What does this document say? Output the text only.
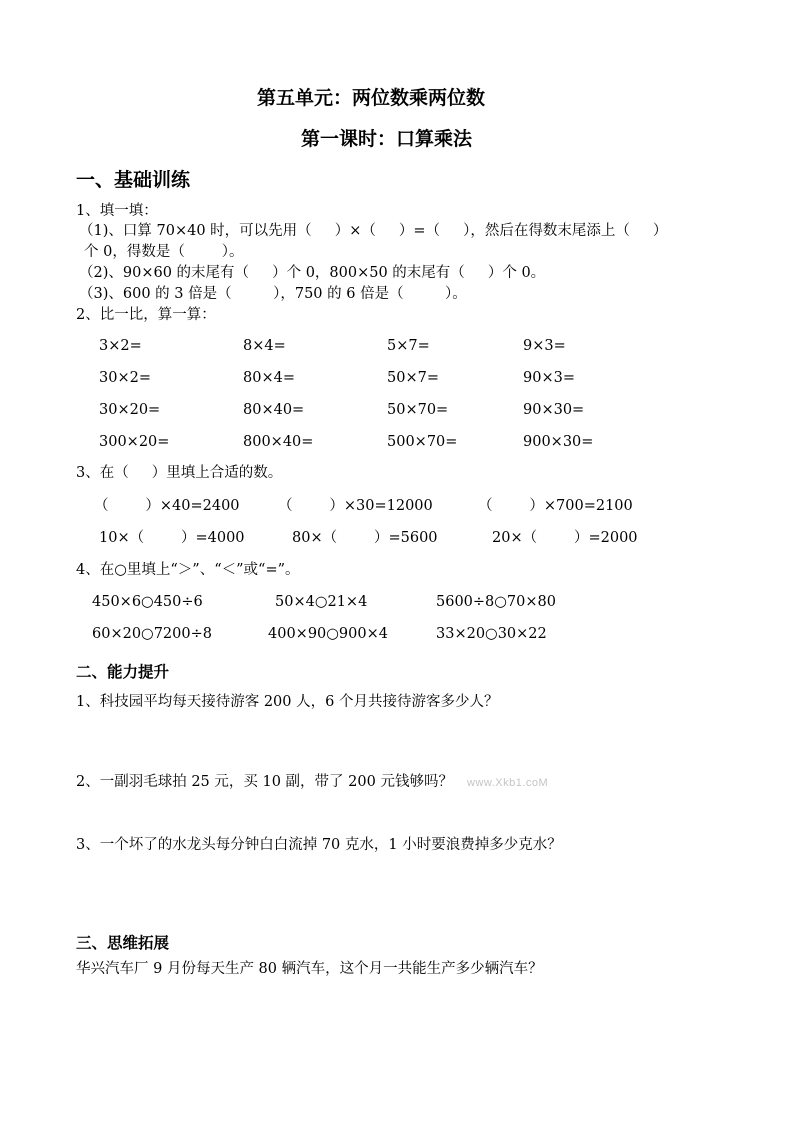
第五单元：两位数乘两位数
第一课时：口算乘法
一、基础训练
1、填一填：
（1)、口算 70×40 时，可以先用（     ）×（     ）=（     ），然后在得数末尾添上（     ）
个 0，得数是（        ）。
（2)、90×60 的末尾有（     ）个 0，800×50 的末尾有（     ）个 0。
（3)、600 的 3 倍是（         ），750 的 6 倍是（         ）。
2、比一比，算一算：
3×2=	8×4=	5×7=	9×3=
30×2=	80×4=	50×7=	90×3=
30×20=	80×40=	50×70=	90×30=
300×20=	800×40=	500×70=	900×30=
3、在（     ）里填上合适的数。
（        ）×40=2400	（        ）×30=12000	（        ）×700=2100
10×（        ）=4000	80×（        ）=5600	20×（        ）=2000
4、在○里填上“＞”、“＜”或“=”。
450×6○450÷6	50×4○21×4	5600÷8○70×80
60×20○7200÷8	400×90○900×4	33×20○30×22
二、能力提升
1、科技园平均每天接待游客 200 人，6 个月共接待游客多少人？
2、一副羽毛球拍 25 元，买 10 副，带了 200 元钱够吗？ www.Xkb1.coM
3、一个坏了的水龙头每分钟白白流掉 70 克水，1 小时要浪费掉多少克水？
三、思维拓展
华兴汽车厂 9 月份每天生产 80 辆汽车，这个月一共能生产多少辆汽车？
